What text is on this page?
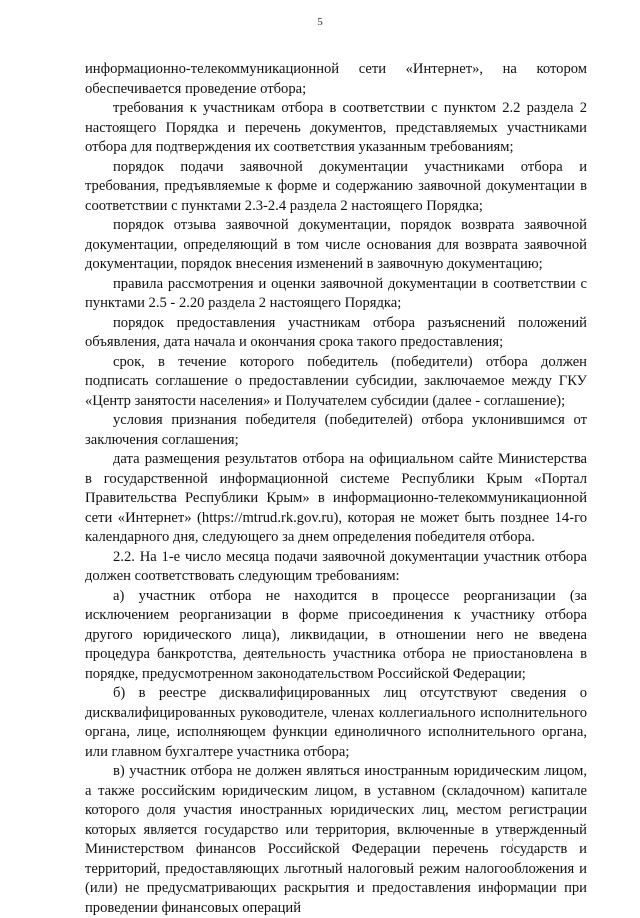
5

информационно-телекоммуникационной сети «Интернет», на котором обеспечивается проведение отбора;

требования к участникам отбора в соответствии с пунктом 2.2 раздела 2 настоящего Порядка и перечень документов, представляемых участниками отбора для подтверждения их соответствия указанным требованиям;

порядок подачи заявочной документации участниками отбора и требования, предъявляемые к форме и содержанию заявочной документации в соответствии с пунктами 2.3-2.4 раздела 2 настоящего Порядка;

порядок отзыва заявочной документации, порядок возврата заявочной документации, определяющий в том числе основания для возврата заявочной документации, порядок внесения изменений в заявочную документацию;

правила рассмотрения и оценки заявочной документации в соответствии с пунктами 2.5 - 2.20 раздела 2 настоящего Порядка;

порядок предоставления участникам отбора разъяснений положений объявления, дата начала и окончания срока такого предоставления;

срок, в течение которого победитель (победители) отбора должен подписать соглашение о предоставлении субсидии, заключаемое между ГКУ «Центр занятости населения» и Получателем субсидии (далее - соглашение);

условия признания победителя (победителей) отбора уклонившимся от заключения соглашения;

дата размещения результатов отбора на официальном сайте Министерства в государственной информационной системе Республики Крым «Портал Правительства Республики Крым» в информационно-телекоммуникационной сети «Интернет» (https://mtrud.rk.gov.ru), которая не может быть позднее 14-го календарного дня, следующего за днем определения победителя отбора.

2.2. На 1-е число месяца подачи заявочной документации участник отбора должен соответствовать следующим требованиям:

а) участник отбора не находится в процессе реорганизации (за исключением реорганизации в форме присоединения к участнику отбора другого юридического лица), ликвидации, в отношении него не введена процедура банкротства, деятельность участника отбора не приостановлена в порядке, предусмотренном законодательством Российской Федерации;

б) в реестре дисквалифицированных лиц отсутствуют сведения о дисквалифицированных руководителе, членах коллегиального исполнительного органа, лице, исполняющем функции единоличного исполнительного органа, или главном бухгалтере участника отбора;

в) участник отбора не должен являться иностранным юридическим лицом, а также российским юридическим лицом, в уставном (складочном) капитале которого доля участия иностранных юридических лиц, местом регистрации которых является государство или территория, включенные в утвержденный Министерством финансов Российской Федерации перечень государств и территорий, предоставляющих льготный налоговый режим налогообложения и (или) не предусматривающих раскрытия и предоставления информации при проведении финансовых операций
